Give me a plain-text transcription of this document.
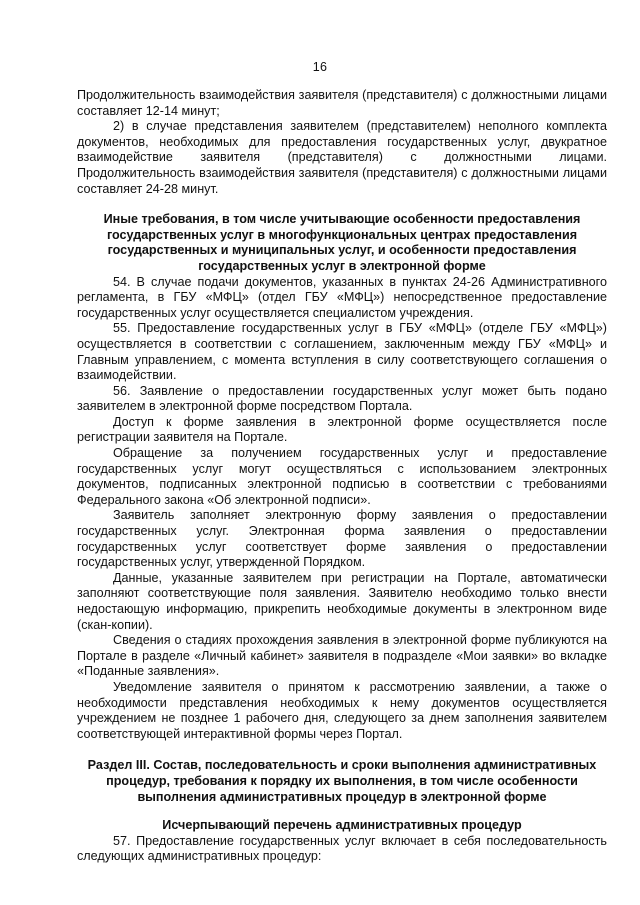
16

Продолжительность взаимодействия заявителя (представителя) с должностными лицами составляет 12-14 минут;

2) в случае представления заявителем (представителем) неполного комплекта документов, необходимых для предоставления государственных услуг, двукратное взаимодействие заявителя (представителя) с должностными лицами. Продолжительность взаимодействия заявителя (представителя) с должностными лицами составляет 24-28 минут.

Иные требования, в том числе учитывающие особенности предоставления государственных услуг в многофункциональных центрах предоставления государственных и муниципальных услуг, и особенности предоставления государственных услуг в электронной форме

54. В случае подачи документов, указанных в пунктах 24-26 Административного регламента, в ГБУ «МФЦ» (отдел ГБУ «МФЦ») непосредственное предоставление государственных услуг осуществляется специалистом учреждения.

55. Предоставление государственных услуг в ГБУ «МФЦ» (отделе ГБУ «МФЦ») осуществляется в соответствии с соглашением, заключенным между ГБУ «МФЦ» и Главным управлением, с момента вступления в силу соответствующего соглашения о взаимодействии.

56. Заявление о предоставлении государственных услуг может быть подано заявителем в электронной форме посредством Портала.

Доступ к форме заявления в электронной форме осуществляется после регистрации заявителя на Портале.

Обращение за получением государственных услуг и предоставление государственных услуг могут осуществляться с использованием электронных документов, подписанных электронной подписью в соответствии с требованиями Федерального закона «Об электронной подписи».

Заявитель заполняет электронную форму заявления о предоставлении государственных услуг. Электронная форма заявления о предоставлении государственных услуг соответствует форме заявления о предоставлении государственных услуг, утвержденной Порядком.

Данные, указанные заявителем при регистрации на Портале, автоматически заполняют соответствующие поля заявления. Заявителю необходимо только внести недостающую информацию, прикрепить необходимые документы в электронном виде (скан-копии).

Сведения о стадиях прохождения заявления в электронной форме публикуются на Портале в разделе «Личный кабинет» заявителя в подразделе «Мои заявки» во вкладке «Поданные заявления».

Уведомление заявителя о принятом к рассмотрению заявлении, а также о необходимости представления необходимых к нему документов осуществляется учреждением не позднее 1 рабочего дня, следующего за днем заполнения заявителем соответствующей интерактивной формы через Портал.

Раздел III. Состав, последовательность и сроки выполнения административных процедур, требования к порядку их выполнения, в том числе особенности выполнения административных процедур в электронной форме

Исчерпывающий перечень административных процедур

57. Предоставление государственных услуг включает в себя последовательность следующих административных процедур:
